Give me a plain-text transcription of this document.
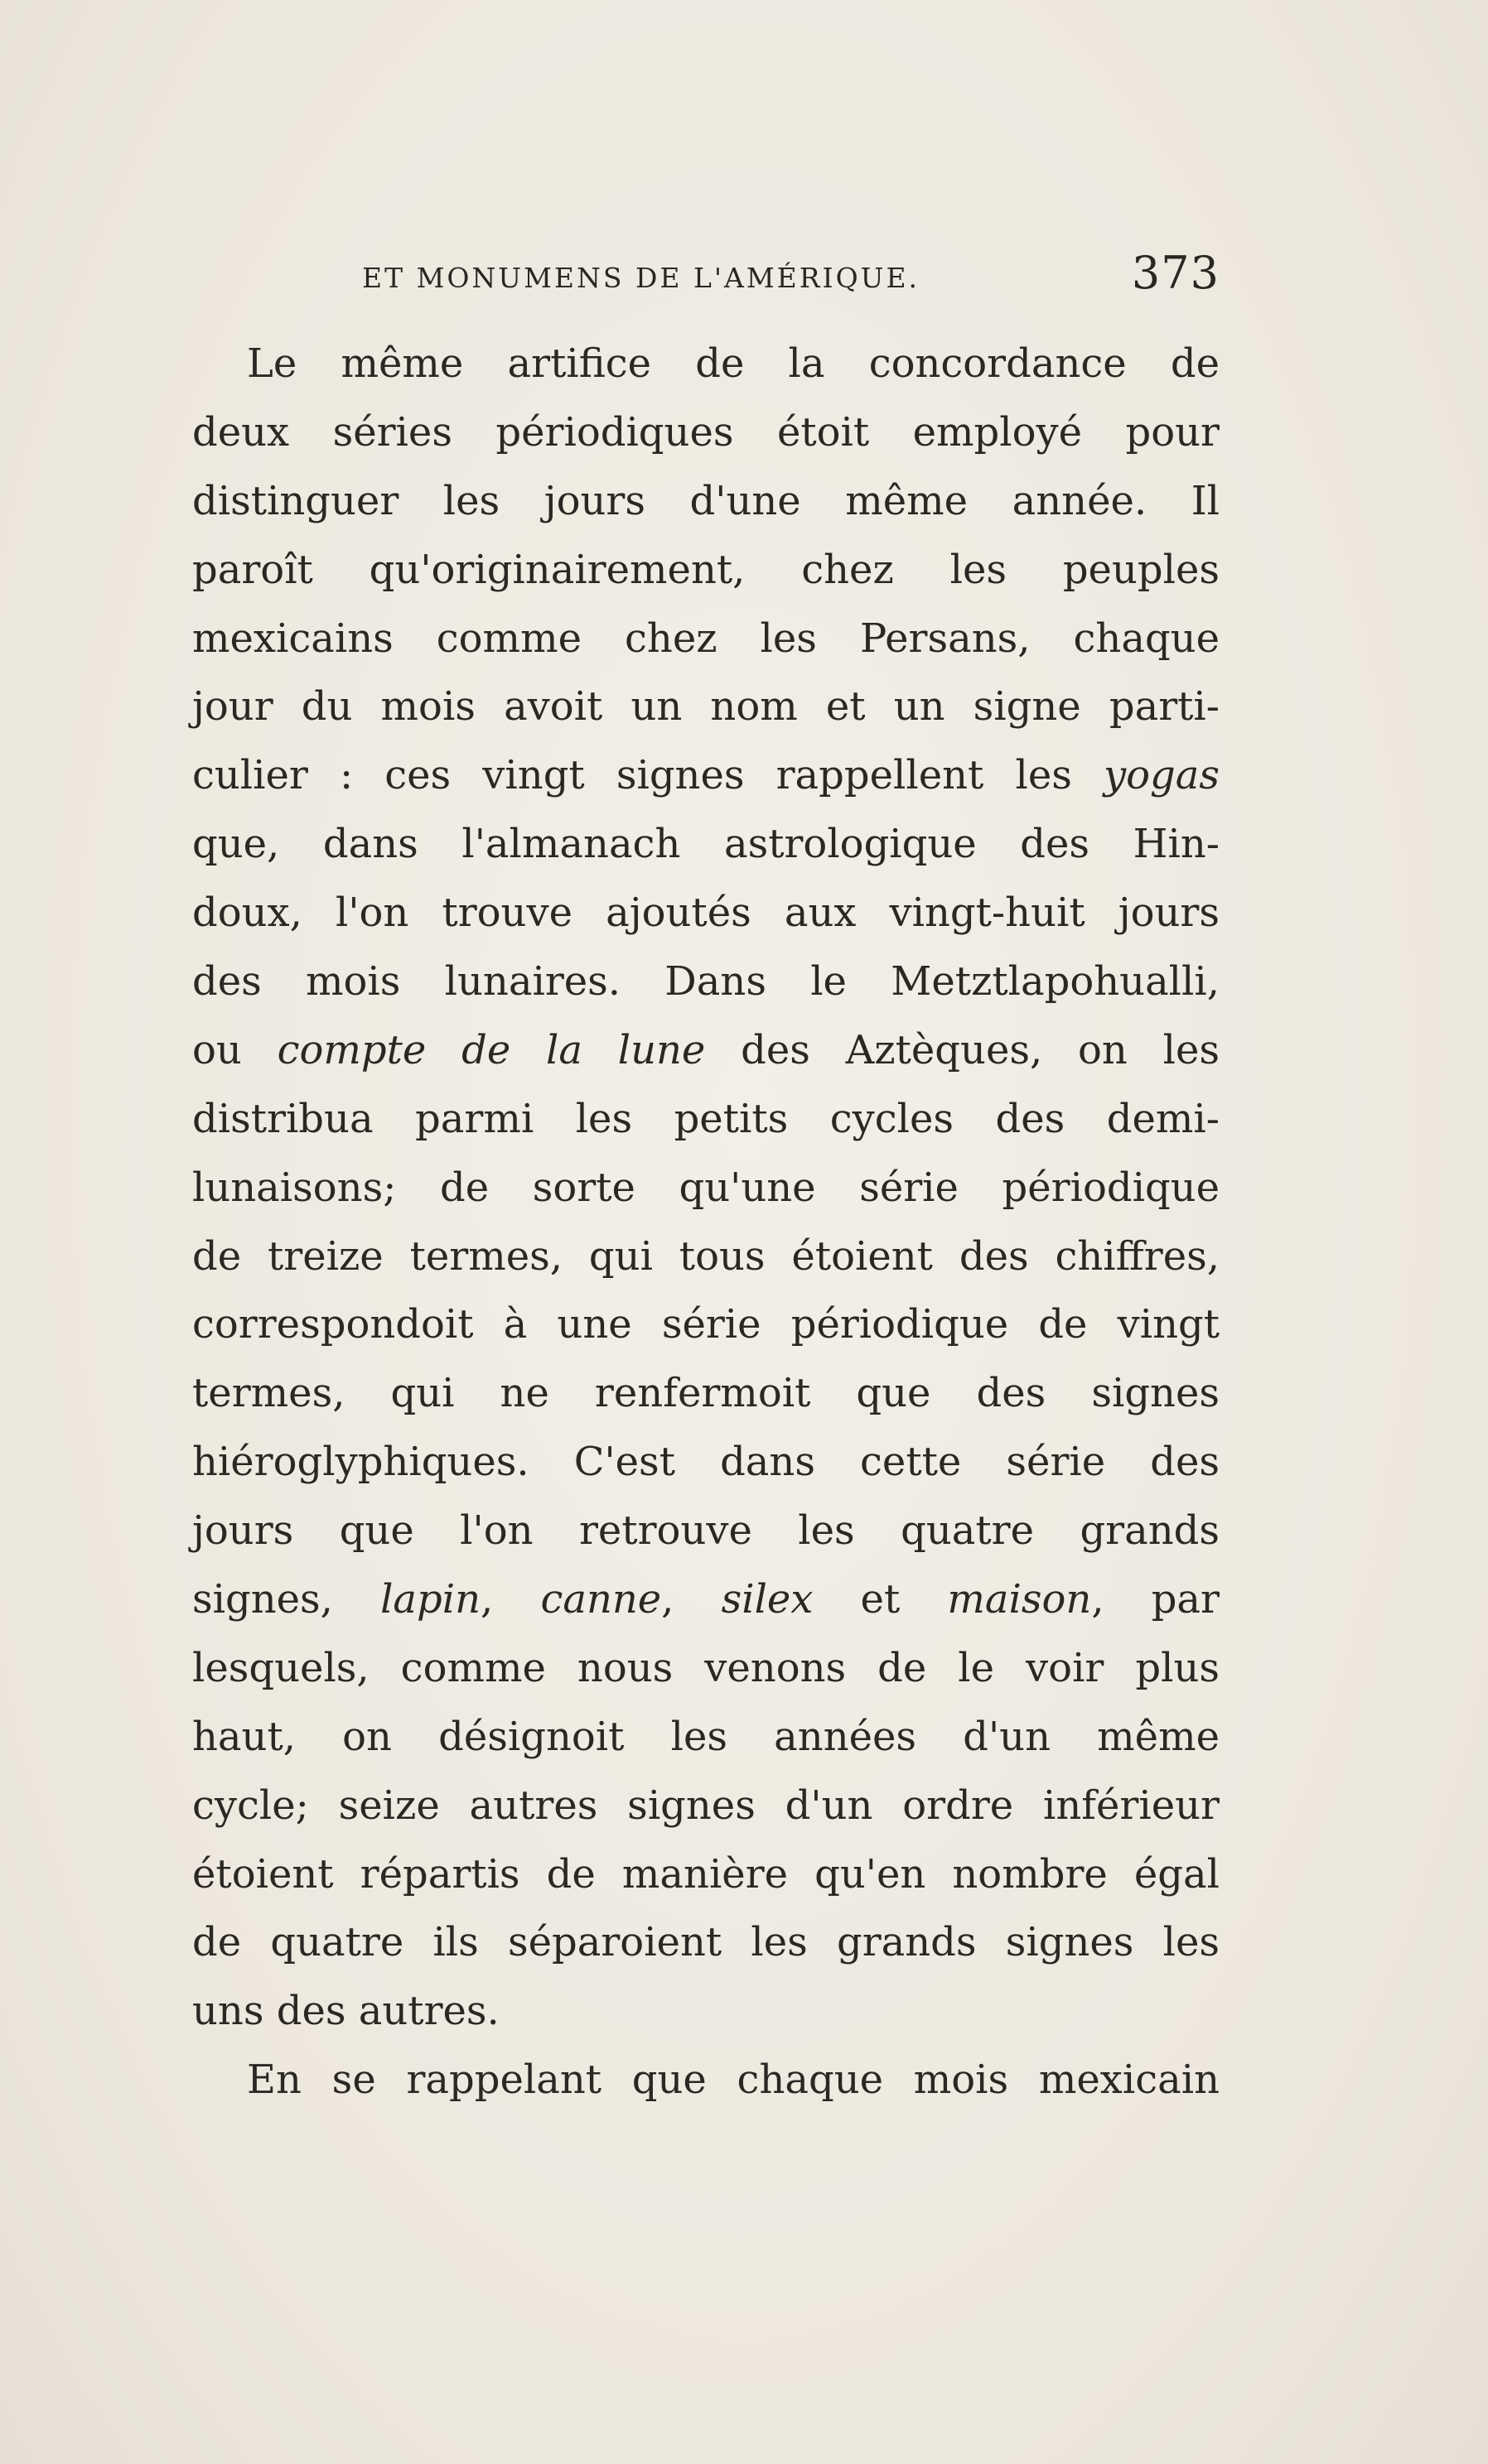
ET MONUMENS DE L'AMÉRIQUE.	373
Le même artifice de la concordance de
deux séries périodiques étoit employé pour
distinguer les jours d'une même année. Il
paroît qu'originairement, chez les peuples
mexicains comme chez les Persans, chaque
jour du mois avoit un nom et un signe parti-
culier : ces vingt signes rappellent les yogas
que, dans l'almanach astrologique des Hin-
doux, l'on trouve ajoutés aux vingt-huit jours
des mois lunaires. Dans le Metztlapohualli,
ou compte de la lune des Aztèques, on les
distribua parmi les petits cycles des demi-
lunaisons; de sorte qu'une série périodique
de treize termes, qui tous étoient des chiffres,
correspondoit à une série périodique de vingt
termes, qui ne renfermoit que des signes
hiéroglyphiques. C'est dans cette série des
jours que l'on retrouve les quatre grands
signes, lapin, canne, silex et maison, par
lesquels, comme nous venons de le voir plus
haut, on désignoit les années d'un même
cycle; seize autres signes d'un ordre inférieur
étoient répartis de manière qu'en nombre égal
de quatre ils séparoient les grands signes les
uns des autres.
En se rappelant que chaque mois mexicain
